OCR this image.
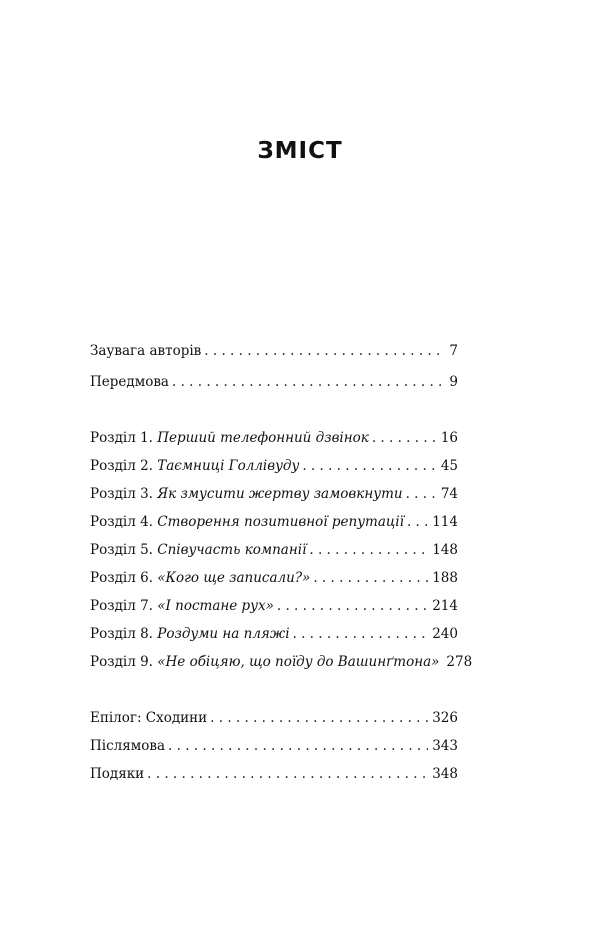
ЗМІСТ
Заувага авторів . . .	7
Передмова . . .	9
Розділ 1. Перший телефонний дзвінок . . .	16
Розділ 2. Таємниці Голлівуду . . .	45
Розділ 3. Як змусити жертву замовкнути . . .	74
Розділ 4. Створення позитивної репутації . . . 114
Розділ 5. Співучасть компанії . . .	148
Розділ 6. «Кого ще записали?» . . .	188
Розділ 7. «І постане рух» . . .	214
Розділ 8. Роздуми на пляжі . . .	240
Розділ 9. «Не обіцяю, що поїду до Вашинґтона» 278
Епілог: Сходини . . .	326
Післямова . . .	343
Подяки . . .	348
